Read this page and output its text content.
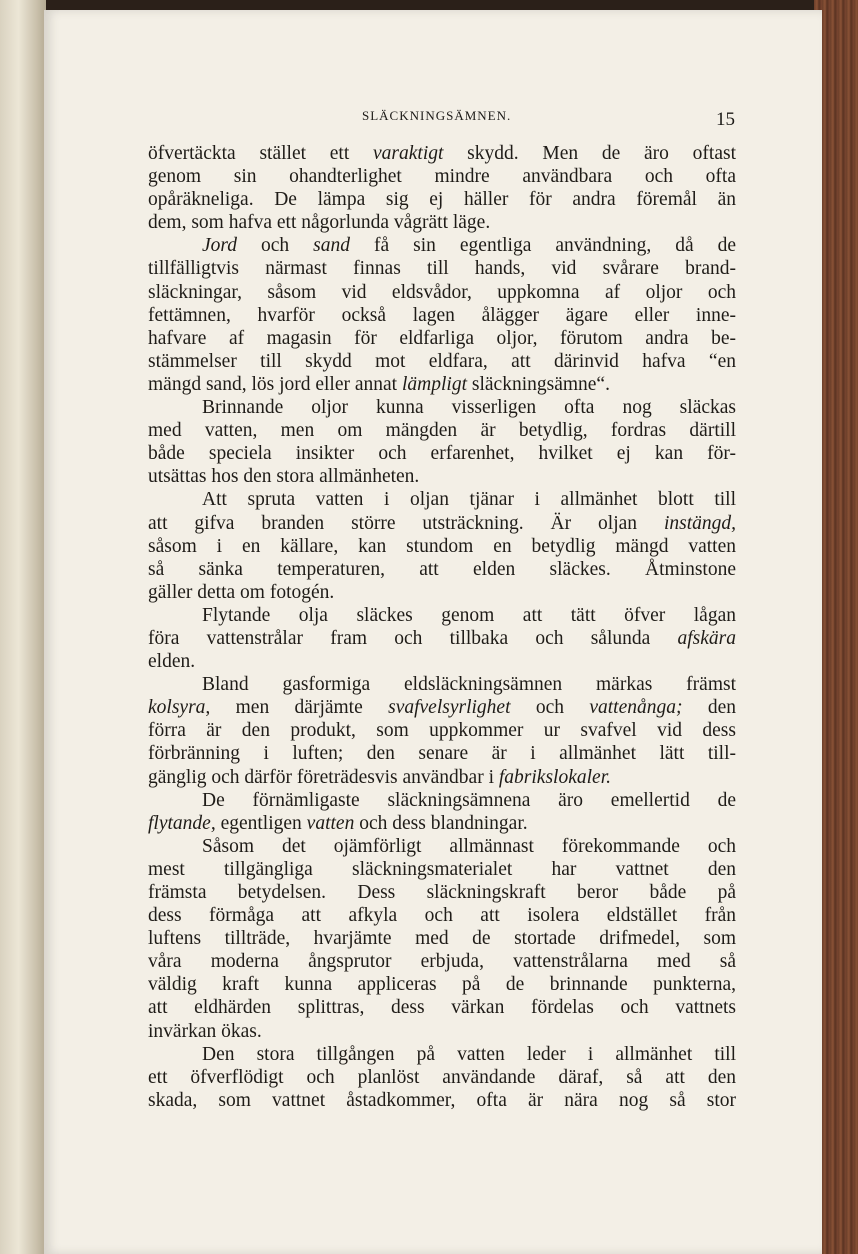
SLÄCKNINGSÄMNEN.	15
öfvertäckta stället ett varaktigt skydd. Men de äro oftast
genom sin ohandterlighet mindre användbara och ofta
opåräkneliga. De lämpa sig ej häller för andra föremål än
dem, som hafva ett någorlunda vågrätt läge.
Jord och sand få sin egentliga användning, då de
tillfälligtvis närmast finnas till hands, vid svårare brand-
släckningar, såsom vid eldsvådor, uppkomna af oljor och
fettämnen, hvarför också lagen ålägger ägare eller inne-
hafvare af magasin för eldfarliga oljor, förutom andra be-
stämmelser till skydd mot eldfara, att därinvid hafva “en
mängd sand, lös jord eller annat lämpligt släckningsämne“.
Brinnande oljor kunna visserligen ofta nog släckas
med vatten, men om mängden är betydlig, fordras därtill
både speciela insikter och erfarenhet, hvilket ej kan för-
utsättas hos den stora allmänheten.
Att spruta vatten i oljan tjänar i allmänhet blott till
att gifva branden större utsträckning. Är oljan instängd,
såsom i en källare, kan stundom en betydlig mängd vatten
så sänka temperaturen, att elden släckes. Åtminstone
gäller detta om fotogén.
Flytande olja släckes genom att tätt öfver lågan
föra vattenstrålar fram och tillbaka och sålunda afskära
elden.
Bland gasformiga eldsläckningsämnen märkas främst
kolsyra, men därjämte svafvelsyrlighet och vattenånga; den
förra är den produkt, som uppkommer ur svafvel vid dess
förbränning i luften; den senare är i allmänhet lätt till-
gänglig och därför företrädesvis användbar i fabrikslokaler.
De förnämligaste släckningsämnena äro emellertid de
flytande, egentligen vatten och dess blandningar.
Såsom det ojämförligt allmännast förekommande och
mest tillgängliga släckningsmaterialet har vattnet den
främsta betydelsen. Dess släckningskraft beror både på
dess förmåga att afkyla och att isolera eldstället från
luftens tillträde, hvarjämte med de stortade drifmedel, som
våra moderna ångsprutor erbjuda, vattenstrålarna med så
väldig kraft kunna appliceras på de brinnande punkterna,
att eldhärden splittras, dess värkan fördelas och vattnets
invärkan ökas.
Den stora tillgången på vatten leder i allmänhet till
ett öfverflödigt och planlöst användande däraf, så att den
skada, som vattnet åstadkommer, ofta är nära nog så stor
